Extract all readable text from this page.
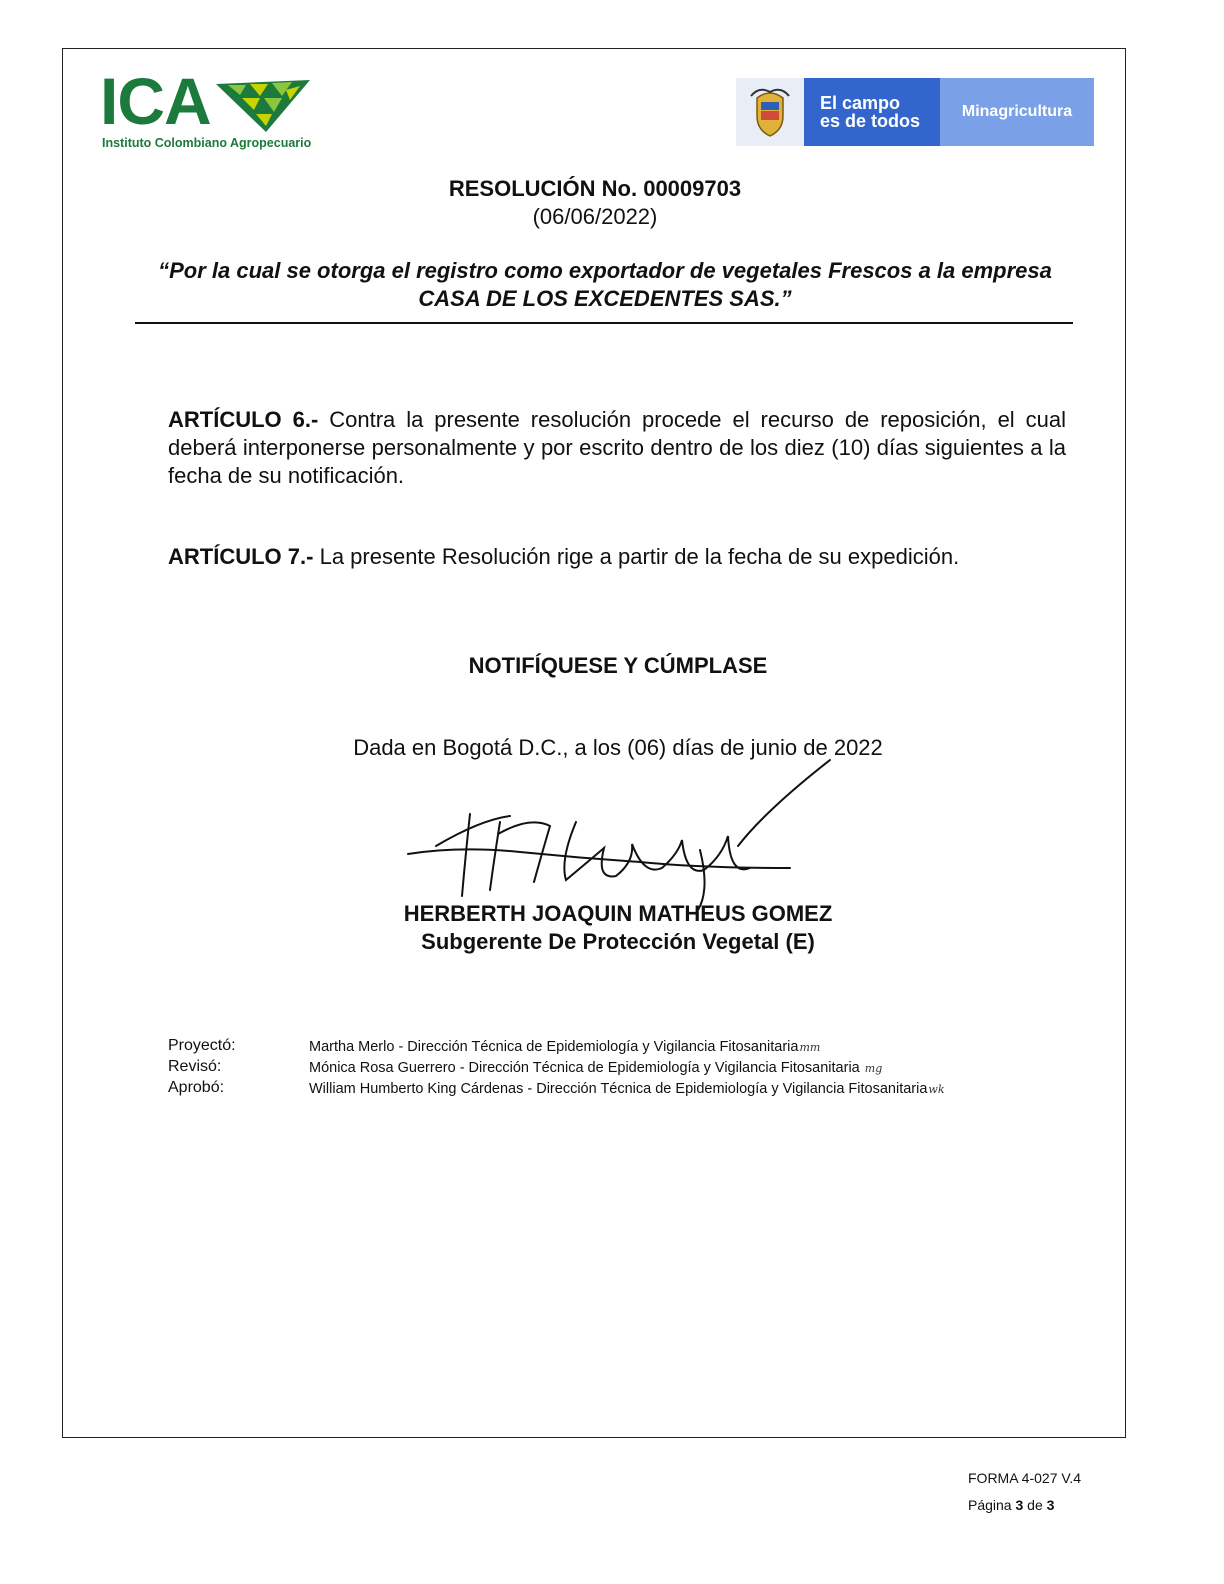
ICA
Instituto Colombiano Agropecuario
El campo
es de todos	Minagricultura
RESOLUCIÓN No. 00009703
(06/06/2022)
“Por la cual se otorga el registro como exportador de vegetales Frescos a la empresa CASA DE LOS EXCEDENTES SAS.”
ARTÍCULO 6.- Contra la presente resolución procede el recurso de reposición, el cual deberá interponerse personalmente y por escrito dentro de los diez (10) días siguientes a la fecha de su notificación.
ARTÍCULO 7.- La presente Resolución rige a partir de la fecha de su expedición.
NOTIFÍQUESE Y CÚMPLASE
Dada en Bogotá D.C., a los (06) días de junio de 2022
HERBERTH JOAQUIN MATHEUS GOMEZ
Subgerente De Protección Vegetal (E)
Proyectó:	Martha Merlo - Dirección Técnica de Epidemiología y Vigilancia Fitosanitariamm
Revisó:	Mónica Rosa Guerrero - Dirección Técnica de Epidemiología y Vigilancia Fitosanitaria mg
Aprobó:	William Humberto King Cárdenas - Dirección Técnica de Epidemiología y Vigilancia Fitosanitariawk
FORMA 4-027 V.4
Página 3 de 3
